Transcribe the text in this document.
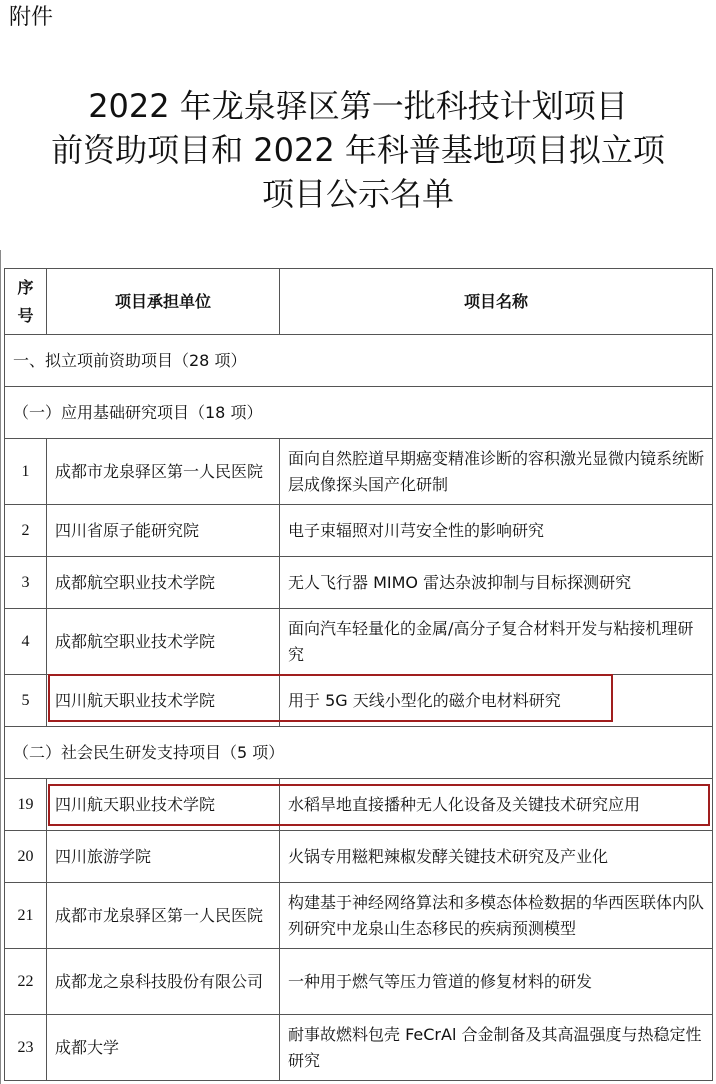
附件
2022 年龙泉驿区第一批科技计划项目
前资助项目和 2022 年科普基地项目拟立项
项目公示名单
序
号	项目承担单位	项目名称
一、拟立项前资助项目（28 项）		
（一）应用基础研究项目（18 项）		
1	成都市龙泉驿区第一人民医院	面向自然腔道早期癌变精准诊断的容积激光显微内镜系统断层成像探头国产化研制
2	四川省原子能研究院	电子束辐照对川芎安全性的影响研究
3	成都航空职业技术学院	无人飞行器 MIMO 雷达杂波抑制与目标探测研究
4	成都航空职业技术学院	面向汽车轻量化的金属/高分子复合材料开发与粘接机理研究
5	四川航天职业技术学院	用于 5G 天线小型化的磁介电材料研究
（二）社会民生研发支持项目（5 项）		
19	四川航天职业技术学院	水稻旱地直接播种无人化设备及关键技术研究应用
20	四川旅游学院	火锅专用糍粑辣椒发酵关键技术研究及产业化
21	成都市龙泉驿区第一人民医院	构建基于神经网络算法和多模态体检数据的华西医联体内队列研究中龙泉山生态移民的疾病预测模型
22	成都龙之泉科技股份有限公司	一种用于燃气等压力管道的修复材料的研发
23	成都大学	耐事故燃料包壳 FeCrAl 合金制备及其高温强度与热稳定性研究
